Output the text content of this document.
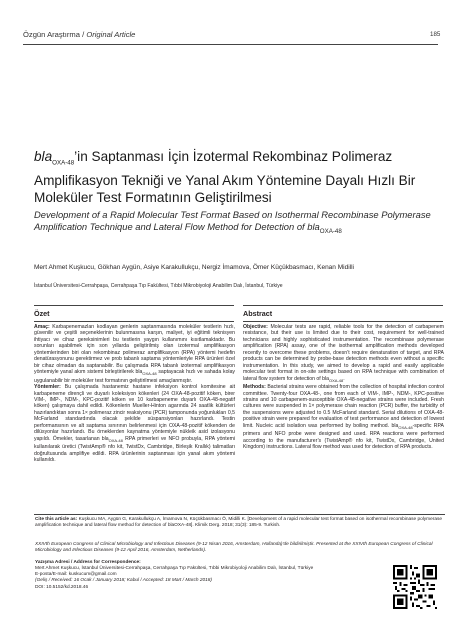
Özgün Araştırma / Original Article	185
bla$_{OXA-48}$’in Saptanması İçin İzotermal Rekombinaz Polimeraz Amplifikasyon Tekniği ve Yanal Akım Yöntemine Dayalı Hızlı Bir Moleküler Test Formatının Geliştirilmesi
Development of a Rapid Molecular Test Format Based on Isothermal Recombinase Polymerase Amplification Technique and Lateral Flow Method for Detection of bla$_{OXA-48}$
Mert Ahmet Kuşkucu, Gökhan Aygün, Asiye Karakullukçu, Nergiz İmamova, Ömer Küçükbasmacı, Kenan Midilli
İstanbul Üniversitesi-Cerrahpaşa, Cerrahpaşa Tıp Fakültesi, Tıbbi Mikrobiyoloji Anabilim Dalı, İstanbul, Türkiye
Özet	Abstract
Amaç: Karbapenemazları kodlayan genlerin saptanmasında moleküler testlerin hızlı, güvenilir ve çeşitli seçeneklerinin bulunmasına karşın, maliyet, iyi eğitimli teknisyen ihtiyacı ve cihaz gereksinimleri bu testlerin yaygın kullanımını kısıtlamaktadır. Bu sorunları aşabilmek için son yıllarda geliştirilmiş olan izotermal amplifikasyon yöntemlerinden biri olan rekombinaz polimeraz amplifikasyon (RPA) yöntemi hedefin denatürasyonunu gerektirmez ve prob tabanlı saptama yöntemleriyle RPA ürünleri özel bir cihaz olmadan da saptanabilir. Bu çalışmada RPA tabanlı izotermal amplifikasyon yöntemiyle yanal akım sistemi birleştirilerek bla$_{OXA-48}$ saptayacak hızlı ve sahada kolay uygulanabilir bir moleküler test formatının geliştirilmesi amaçlanmıştır.
Yöntemler: Bu çalışmada hastanemiz hastane infeksiyon kontrol komitesine ait karbapeneme dirençli ve duyarlı koleksiyon kökenleri (24 OXA-48-pozitif köken, birer VIM-, IMP-, NDM-, KPC-pozitif köken ve 10 karbapeneme duyarlı OXA-48-negatif köken) çalışmaya dahil edildi. Kökenlerin Mueller-Hinton agarında 24 saatlik kültürleri hazırlandıktan sonra 1× polimeraz zincir reaksiyonu (PCR) tamponunda yoğunlukları 0,5 McFarland standardında olacak şekilde süspansiyonları hazırlandı. Testin performansının ve alt saptama sınırının belirlenmesi için OXA-48-pozitif kökenden de dilüsyonlar hazırlandı. Bu örneklerden kaynatma yöntemiyle nükleik asid izolasyonu yapıldı. Ömekler, tasarlanan bla$_{OXA-48}$ RPA primerleri ve NFO probuyla, RPA yöntemi kullanılarak üretici (TwistAmp® nfo kit, TwistDx, Cambridge, Birleşik Krallık) talimatları doğrultusunda amplifiye edildi. RPA ürünlerinin saptanması için yanal akım yöntemi kullanıldı.
Objective: Molecular tests are rapid, reliable tools for the detection of carbapenem resistance, but their use is limited due to their cost, requirement for well-trained technicians and highly sophisticated instrumentation. The recombinase polymerase amplification (RPA) assay, one of the isothermal amplification methods developed recently to overcome these problems, doesn’t require denaturation of target, and RPA products can be determined by probe-base detection methods even without a specific instrumentation. In this study, we aimed to develop a rapid and easily applicable molecular test format in on-site settings based on RPA technique with combination of lateral flow system for detection of bla$_{OXA-48}$.
Methods: Bacterial strains were obtained from the collection of hospital infection control committee. Twenty-four OXA-48-, one from each of VIM-, IMP-, NDM-, KPC-positive strains and 10 carbapenem-susceptible OXA-48-negative strains were included. Fresh cultures were suspended in 1× polymerase chain reaction (PCR) buffer, the turbidity of the suspensions were adjusted to 0.5 McFarland standard. Serial dilutions of OXA-48-positive strain were prepared for evaluation of test performance and detection of lowest limit. Nucleic acid isolation was performed by boiling method. bla$_{OXA-48}$-specific RPA primers and NFO probe were designed and used. RPA reactions were performed according to the manufacturer’s (TwistAmp® nfo kit, TwistDx, Cambridge, United Kingdom) instructions. Lateral flow method was used for detection of RPA products.
Cite this article as: Kuşkucu MA, Aygün G, Karakullukçu A, İmamova N, Küçükbasmacı Ö, Midilli K. [Development of a rapid molecular test format based on isothermal recombinase polymerase amplification technique and lateral flow method for detection of blaOXA-48]. Klimik Derg. 2018; 31(3): 185-9. Turkish.
XXIVth European Congress of Clinical Microbiology and Infectious Diseases (9-12 Nisan 2016, Amsterdam, Hollanda)’de bildirilmiştir. Presented at the XXIVth European Congress of Clinical Microbiology and Infectious Diseases (9-12 April 2016, Amsterdam, Netherlands).
Yazışma Adresi / Address for Correspondence:
Mert Ahmet Kuşkucu, İstanbul Üniversitesi-Cerrahpaşa, Cerrahpaşa Tıp Fakültesi, Tıbbi Mikrobiyoloji Anabilim Dalı, İstanbul, Türkiye
E-posta/E-mail: kuskucum@gmail.com
(Geliş / Received: 16 Ocak / January 2018; Kabul / Accepted: 18 Mart / March 2018)
DOI: 10.5152/kd.2018.46
